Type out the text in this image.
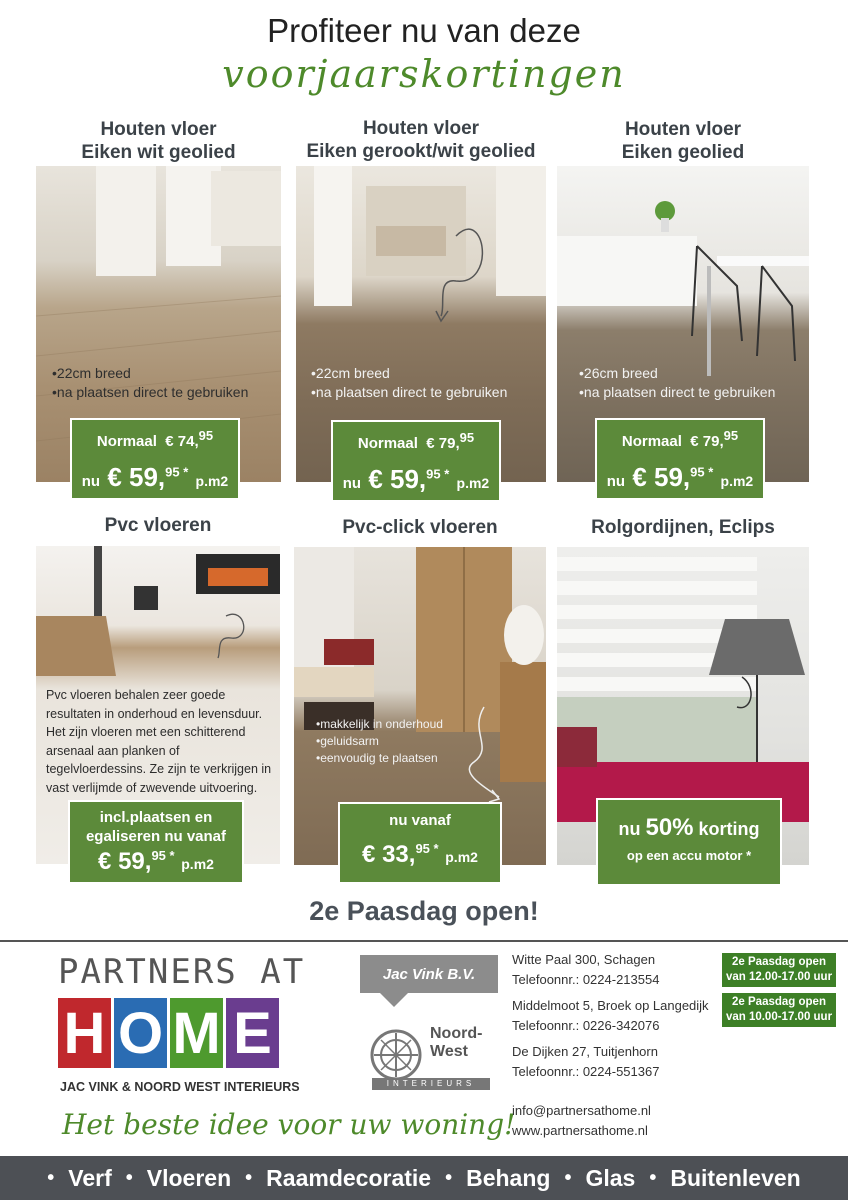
Profiteer nu van deze
voorjaarskortingen
Houten vloer
Eiken wit geolied
• 22cm breed
• na plaatsen direct te gebruiken
Normaal € 74,95
nu € 59,$^{95 *}$ p.m2
Houten vloer
Eiken gerookt/wit geolied
• 22cm breed
• na plaatsen direct te gebruiken
Normaal € 79,95
nu € 59,$^{95 *}$ p.m2
Houten vloer
Eiken geolied
• 26cm breed
• na plaatsen direct te gebruiken
Normaal € 79,95
nu € 59,$^{95 *}$ p.m2
Pvc vloeren
Pvc vloeren behalen zeer goede resultaten in onderhoud en levensduur. Het zijn vloeren met een schitterend arsenaal aan planken of tegelvloerdessins. Ze zijn te verkrijgen in vast verlijmde of zwevende uitvoering.
incl.plaatsen en
egaliseren nu vanaf
€ 59,$^{95 *}$ p.m2
Pvc-click vloeren
• makkelijk in onderhoud
• geluidsarm
• eenvoudig te plaatsen
nu vanaf
€ 33,$^{95 *}$ p.m2
Rolgordijnen, Eclips
nu 50% korting
op een accu motor *
2e Paasdag open!
PARTNERS AT
H O M E
JAC VINK & NOORD WEST INTERIEURS
Het beste idee voor uw woning!
Jac Vink B.V.
Noord-West
INTERIEURS
Witte Paal 300, Schagen
Telefoonnr.: 0224-213554
Middelmoot 5, Broek op Langedijk
Telefoonnr.: 0226-342076
De Dijken 27, Tuitjenhorn
Telefoonnr.: 0224-551367
info@partnersathome.nl
www.partnersathome.nl
2e Paasdag open
van 12.00-17.00 uur
2e Paasdag open
van 10.00-17.00 uur
• Verf • Vloeren • Raamdecoratie • Behang • Glas • Buitenleven
